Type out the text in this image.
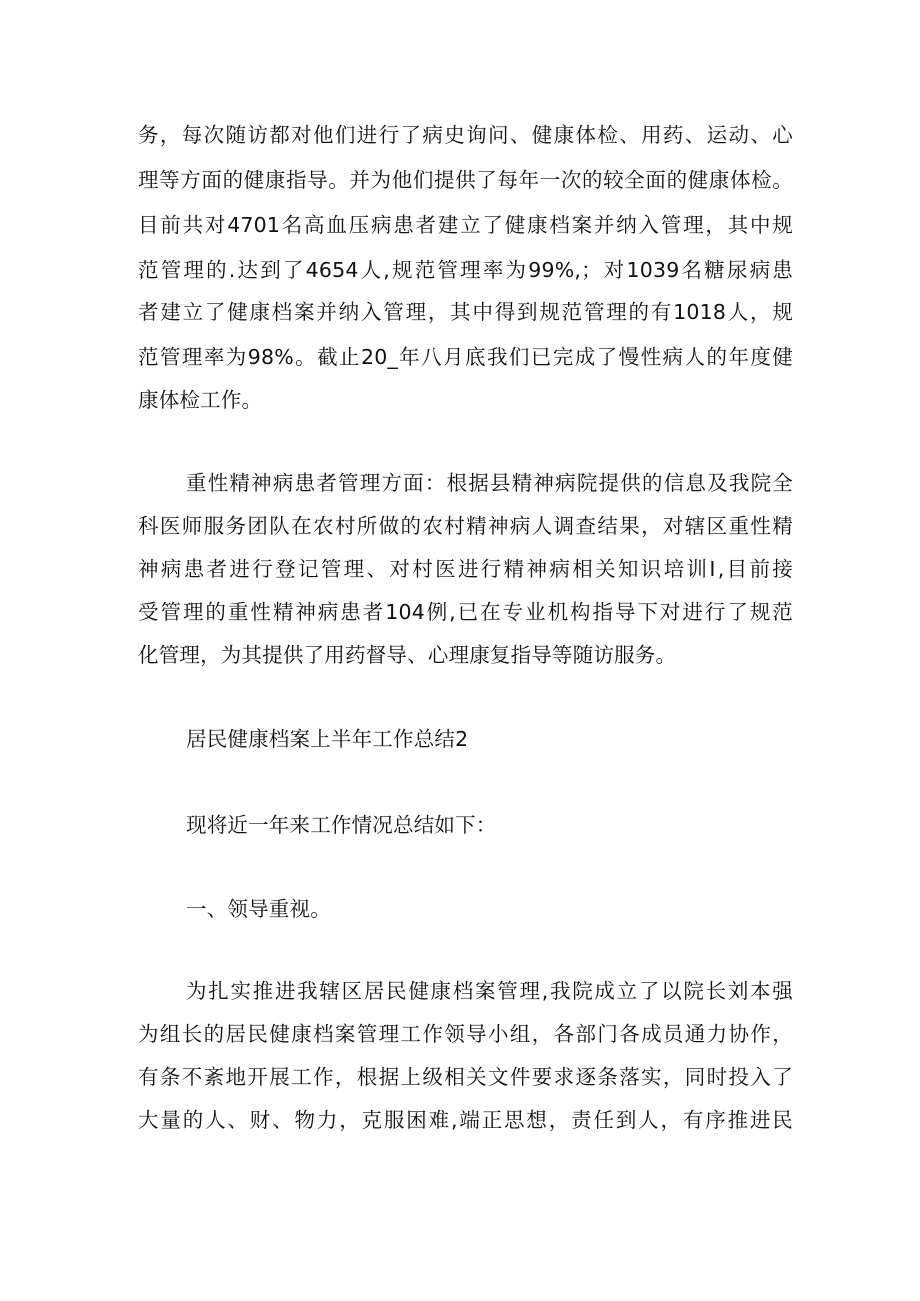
务，每次随访都对他们进行了病史询问、健康体检、用药、运动、心
理等方面的健康指导。并为他们提供了每年一次的较全面的健康体检。
目前共对4701名高血压病患者建立了健康档案并纳入管理，其中规
范管理的.达到了4654人,规范管理率为99%,；对1039名糖尿病患
者建立了健康档案并纳入管理，其中得到规范管理的有1018人，规
范管理率为98%。截止20_年八月底我们已完成了慢性病人的年度健
康体检工作。
重性精神病患者管理方面：根据县精神病院提供的信息及我院全
科医师服务团队在农村所做的农村精神病人调查结果，对辖区重性精
神病患者进行登记管理、对村医进行精神病相关知识培训Ⅰ,目前接
受管理的重性精神病患者104例,已在专业机构指导下对进行了规范
化管理，为其提供了用药督导、心理康复指导等随访服务。
居民健康档案上半年工作总结2
现将近一年来工作情况总结如下：
一、领导重视。
为扎实推进我辖区居民健康档案管理,我院成立了以院长刘本强
为组长的居民健康档案管理工作领导小组，各部门各成员通力协作，
有条不紊地开展工作，根据上级相关文件要求逐条落实，同时投入了
大量的人、财、物力，克服困难,端正思想，责任到人，有序推进民
